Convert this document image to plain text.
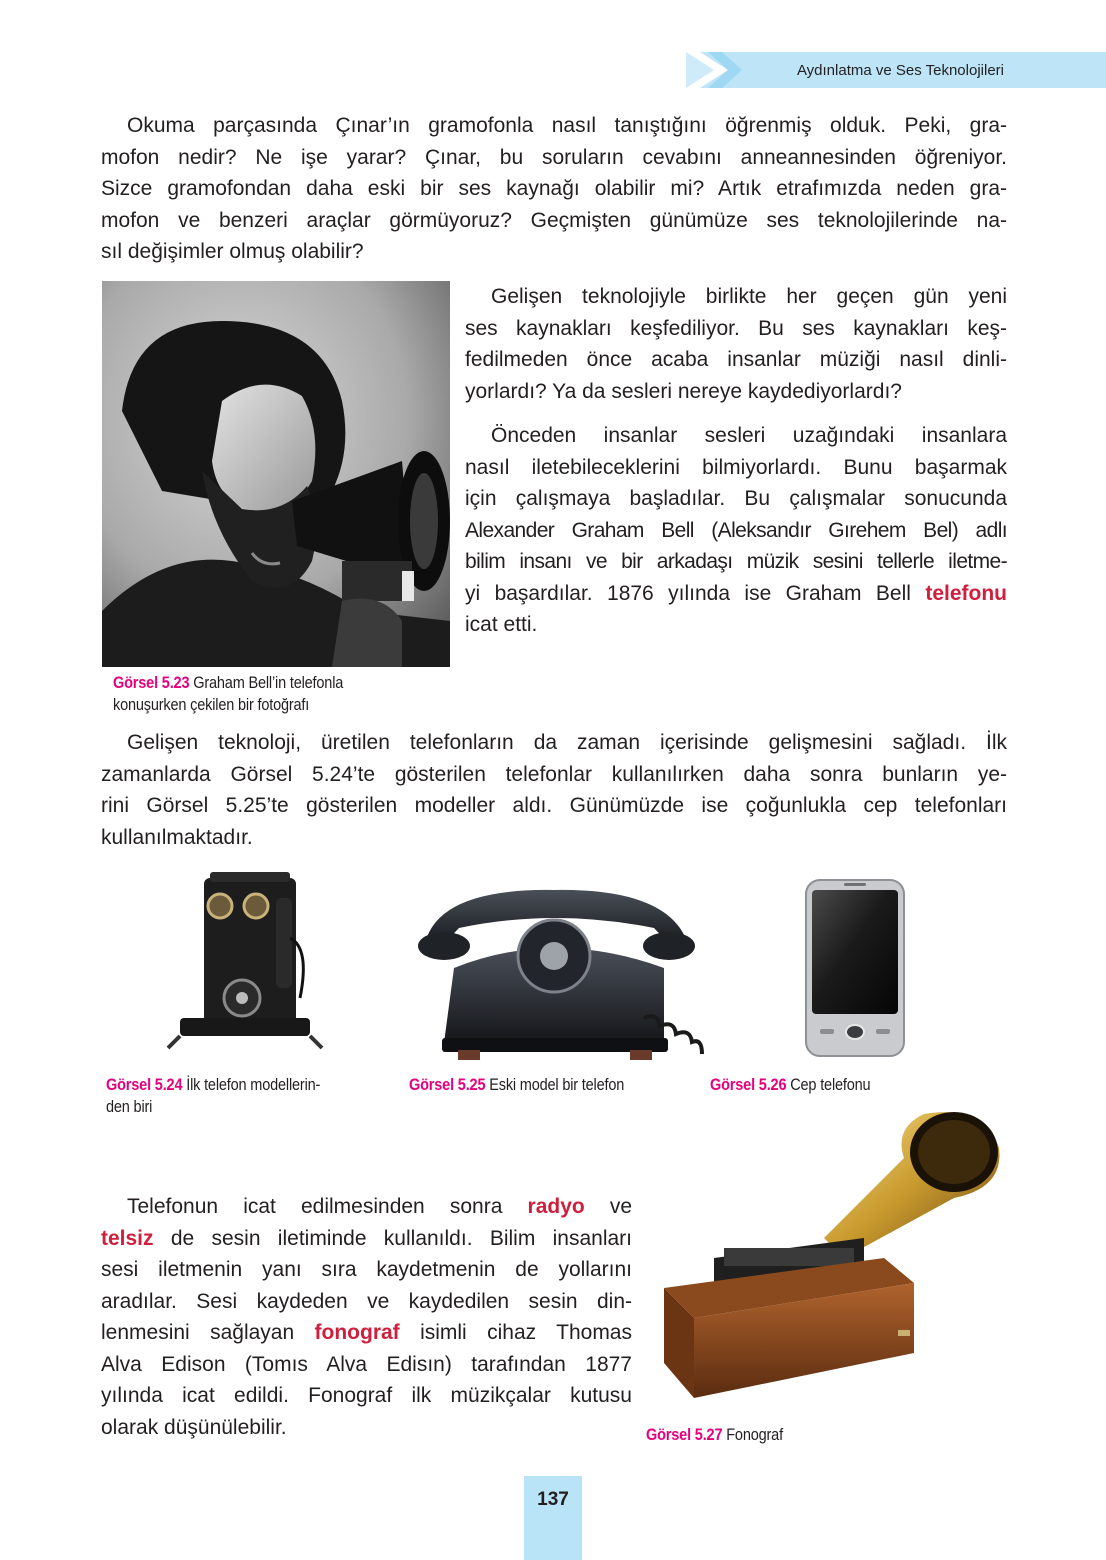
Aydınlatma ve Ses Teknolojileri
Okuma parçasında Çınar’ın gramofonla nasıl tanıştığını öğrenmiş olduk. Peki, gra-
mofon nedir? Ne işe yarar? Çınar, bu soruların cevabını anneannesinden öğreniyor.
Sizce gramofondan daha eski bir ses kaynağı olabilir mi? Artık etrafımızda neden gra-
mofon ve benzeri araçlar görmüyoruz? Geçmişten günümüze ses teknolojilerinde na-
sıl değişimler olmuş olabilir?
Görsel 5.23 Graham Bell’in telefonla
konuşurken çekilen bir fotoğrafı
Gelişen teknolojiyle birlikte her geçen gün yeni
ses kaynakları keşfediliyor. Bu ses kaynakları keş-
fedilmeden önce acaba insanlar müziği nasıl dinli-
yorlardı? Ya da sesleri nereye kaydediyorlardı?
Önceden insanlar sesleri uzağındaki insanlara
nasıl iletebileceklerini bilmiyorlardı. Bunu başarmak
için çalışmaya başladılar. Bu çalışmalar sonucunda
Alexander Graham Bell (Aleksandır Gırehem Bel) adlı
bilim insanı ve bir arkadaşı müzik sesini tellerle iletme-
yi başardılar. 1876 yılında ise Graham Bell telefonu
icat etti.
Gelişen teknoloji, üretilen telefonların da zaman içerisinde gelişmesini sağladı. İlk
zamanlarda Görsel 5.24’te gösterilen telefonlar kullanılırken daha sonra bunların ye-
rini Görsel 5.25’te gösterilen modeller aldı. Günümüzde ise çoğunlukla cep telefonları
kullanılmaktadır.
Görsel 5.24 İlk telefon modellerin-
den biri
Görsel 5.25 Eski model bir telefon	Görsel 5.26 Cep telefonu
Görsel 5.27 Fonograf
Telefonun icat edilmesinden sonra radyo ve
telsiz de sesin iletiminde kullanıldı. Bilim insanları
sesi iletmenin yanı sıra kaydetmenin de yollarını
aradılar. Sesi kaydeden ve kaydedilen sesin din-
lenmesini sağlayan fonograf isimli cihaz Thomas
Alva Edison (Tomıs Alva Edisın) tarafından 1877
yılında icat edildi. Fonograf ilk müzikçalar kutusu
olarak düşünülebilir.
137
